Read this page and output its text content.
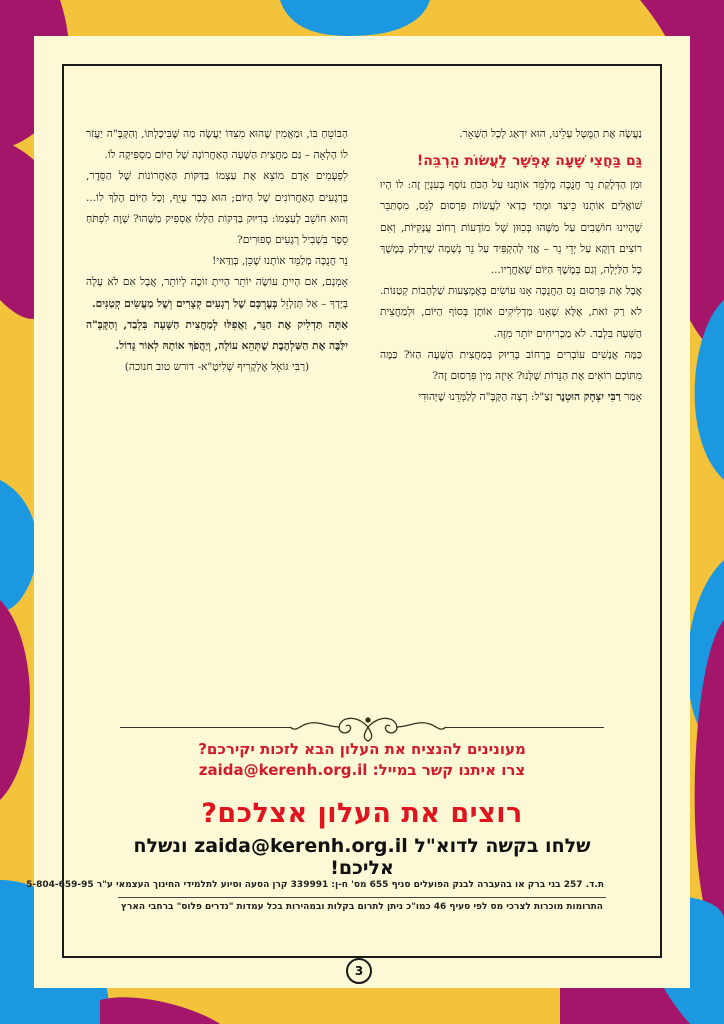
נַעֲשֶׂה אֶת הַמֻּטָּל עָלֵינוּ, הוּא יִדְאַג לְכָל הַשְּׁאָר.

גַּם בַּחֲצִי שָׁעָה אֶפְשָׁר לַעֲשׂוֹת הַרְבֵּה!

וּמִן הַדְּלָקַת נֵר חֲנֻכָּה מְלַמֵּד אוֹתָנוּ עַל הַכֹּחַ נוֹסָף בְּעִנְיָן זֶה: לוֹ הָיוּ שׁוֹאֲלִים אוֹתָנוּ כֵּיצַד וּמָתַי כְּדַאי לַעֲשׂוֹת פִּרְסוּם לַנֵּס, מִסְתַּבֵּר שֶׁהָיִינוּ חוֹשְׁבִים עַל מַשֶּׁהוּ בְּכִוּוּן שֶׁל מוֹדָעוֹת רְחוֹב עֲנָקִיּוֹת, וְאִם רוֹצִים דַּוְקָא עַל יְדֵי נֵר – אֲזַי לְהַקְפִּיד עַל נֵר נְשָׁמָה שֶׁיִּדְלַק בְּמֶשֶׁךְ כָּל הַלַּיְלָה, וְגַם בְּמֶשֶׁךְ הַיּוֹם שֶׁאַחֲרָיו...

אֲבָל אֶת פִּרְסוּם נֵס הַחֲנֻכָּה אָנוּ עוֹשִׂים בְּאֶמְצָעוּת שַׁלְהָבוֹת קְטַנּוֹת. לֹא רַק זֹאת, אֶלָּא שֶׁאָנוּ מַדְלִיקִים אוֹתָן בְּסוֹף הַיּוֹם, וּלְמַחֲצִית הַשָּׁעָה בִּלְבַד. לֹא מַכְרִיחִים יוֹתֵר מִזֶּה.

כַּמָּה אֲנָשִׁים עוֹבְרִים בָּרְחוֹב בְּדִיּוּק בְּמַחֲצִית הַשָּׁעָה הַזּוֹ? כַּמָּה מִתּוֹכָם רוֹאִים אֶת הַנֵּרוֹת שֶׁלָּנוּ? אֵיזֶה מִין פִּרְסוּם זֶה?

אָמַר רַבִּי יִצְחָק הוּטְנֶר זַצַ"ל: רָצָה הַקָּבָּ"ה לְלַמְּדֵנוּ שֶׁיְּהוּדִי

הַבּוֹטֵחַ בּוֹ, וּמַאֲמִין שֶׁהוּא מִצִּדּוֹ יַעֲשֶׂה מַה שֶּׁבִּיכָלְתּוֹ, וְהַקָּבָּ"ה יַעֲזֹר לוֹ הָלְאָה – גַּם מַחֲצִית הַשָּׁעָה הָאַחֲרוֹנָה שֶׁל הַיּוֹם מַסְפִּיקָה לוֹ.

לִפְעָמִים אָדָם מוֹצֵא אֶת עַצְמוֹ בַּדַּקּוֹת הָאַחֲרוֹנוֹת שֶׁל הַסֵּדֶר, בָּרְגָעִים הָאַחֲרוֹנִים שֶׁל הַיּוֹם; הוּא כְּבָר עָיֵף, וְכָל הַיּוֹם הָלַךְ לוֹ... וְהוּא חוֹשֵׁב לְעַצְמוֹ: בְּדִיּוּק בַּדַּקּוֹת הַלָּלוּ אַסְפִּיק מַשֶּׁהוּ? שָׁוֶה לִפְתֹּחַ סֵפֶר בִּשְׁבִיל רְגָעִים סְפוּרִים?

נֵר חֲנֻכָּה מְלַמֵּד אוֹתָנוּ שֶׁכֵּן, בְּוַדַּאי!

אָמְנָם, אִם הָיִיתָ עוֹשֶׂה יוֹתֵר הָיִיתָ זוֹכֶה לְיוֹתֵר, אֲבָל אִם לֹא עָלָה בְּיָדְךָ – אַל תְּזַלְזֵל בְּעֶרְכָּם שֶׁל רְגָעִים קְצָרִים וְשֶׁל מַעֲשִׂים קְטַנִּים.

אַתָּה תַּדְלִיק אֶת הַנֵּר, וַאֲפִלּוּ לְמַחֲצִית הַשָּׁעָה בִּלְבַד, וְהַקָּבָּ"ה יִלַּבֶּה אֶת הַשַּׁלְהֶבֶת שֶׁתְּהֵא עוֹלָה, וְיַהֲפֹךְ אוֹתָהּ לְאוֹר גָּדוֹל.

(רַבִּי גּוֹאֵל אֶלְקָרִיף שְׁלִיטָ"א- דורש טוב חנוכה)

מעונינים להנציח את העלון הבא לזכות יקירכם?
צרו איתנו קשר במייל: zaida@kerenh.org.il
רוצים את העלון אצלכם?
שלחו בקשה לדוא"ל zaida@kerenh.org.il ונשלח אליכם!
ת.ד. 257 בני ברק או בהעברה לבנק הפועלים סניף 655 מס' ח-ן: 339991 קרן הסעה וסיוע לתלמידי החינוך העצמאי ע"ר 5-804-659-95
התרומות מוכרות לצרכי מס לפי סעיף 46 כמו"כ ניתן לתרום בקלות ובמהירות בכל עמדות "נדרים פלוס" ברחבי הארץ
3
